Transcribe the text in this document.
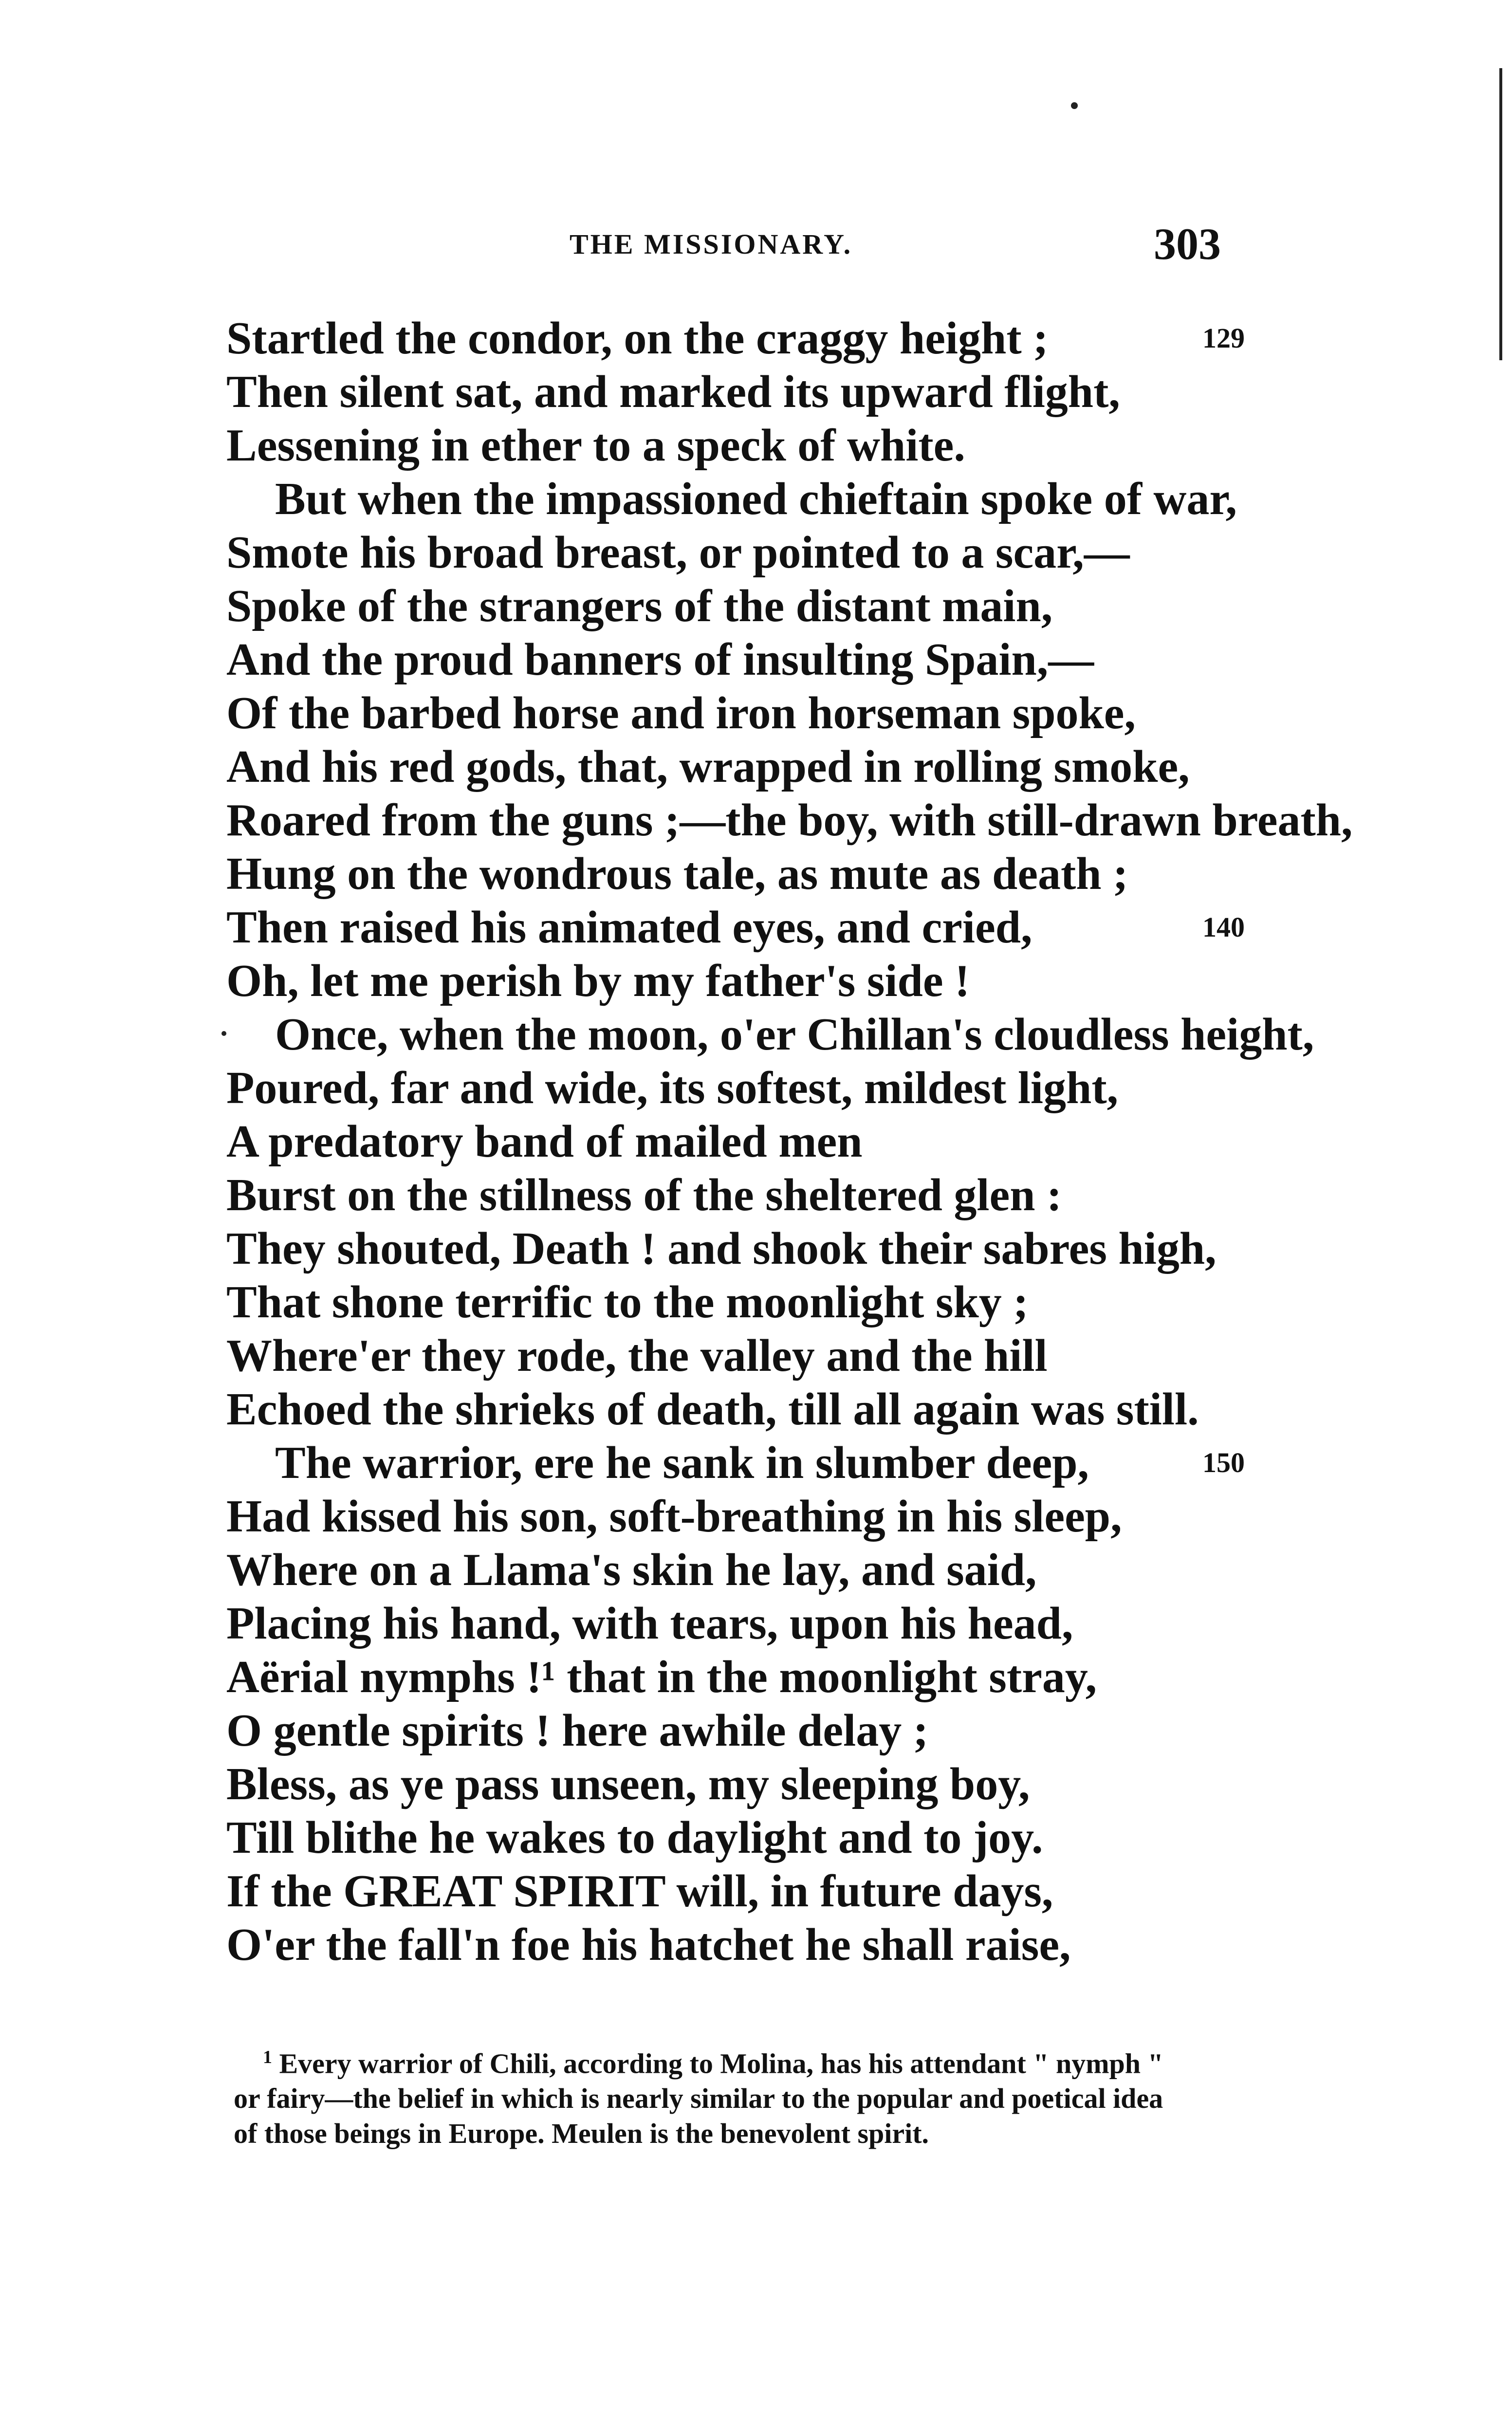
THE MISSIONARY.	303
Startled the condor, on the craggy height ;	129
Then silent sat, and marked its upward flight,
Lessening in ether to a speck of white.
But when the impassioned chieftain spoke of war,
Smote his broad breast, or pointed to a scar,—
Spoke of the strangers of the distant main,
And the proud banners of insulting Spain,—
Of the barbed horse and iron horseman spoke,
And his red gods, that, wrapped in rolling smoke,
Roared from the guns ;—the boy, with still-drawn breath,
Hung on the wondrous tale, as mute as death ;
Then raised his animated eyes, and cried,	140
Oh, let me perish by my father's side !
Once, when the moon, o'er Chillan's cloudless height,
Poured, far and wide, its softest, mildest light,
A predatory band of mailed men
Burst on the stillness of the sheltered glen :
They shouted, Death ! and shook their sabres high,
That shone terrific to the moonlight sky ;
Where'er they rode, the valley and the hill
Echoed the shrieks of death, till all again was still.
The warrior, ere he sank in slumber deep,	150
Had kissed his son, soft-breathing in his sleep,
Where on a Llama's skin he lay, and said,
Placing his hand, with tears, upon his head,
Aërial nymphs !¹ that in the moonlight stray,
O gentle spirits ! here awhile delay ;
Bless, as ye pass unseen, my sleeping boy,
Till blithe he wakes to daylight and to joy.
If the GREAT SPIRIT will, in future days,
O'er the fall'n foe his hatchet he shall raise,
$^1$ Every warrior of Chili, according to Molina, has his attendant " nymph "
or fairy—the belief in which is nearly similar to the popular and poetical idea
of those beings in Europe. Meulen is the benevolent spirit.
